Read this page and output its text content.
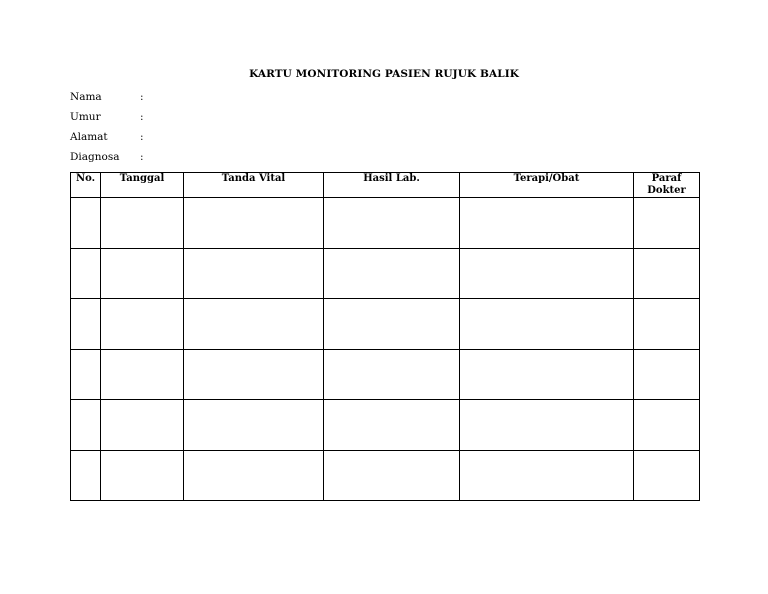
KARTU MONITORING PASIEN RUJUK BALIK
Nama	:
Umur	:
Alamat	:
Diagnosa :
No.	Tanggal	Tanda Vital	Hasil Lab.	Terapi/Obat	Paraf Dokter
